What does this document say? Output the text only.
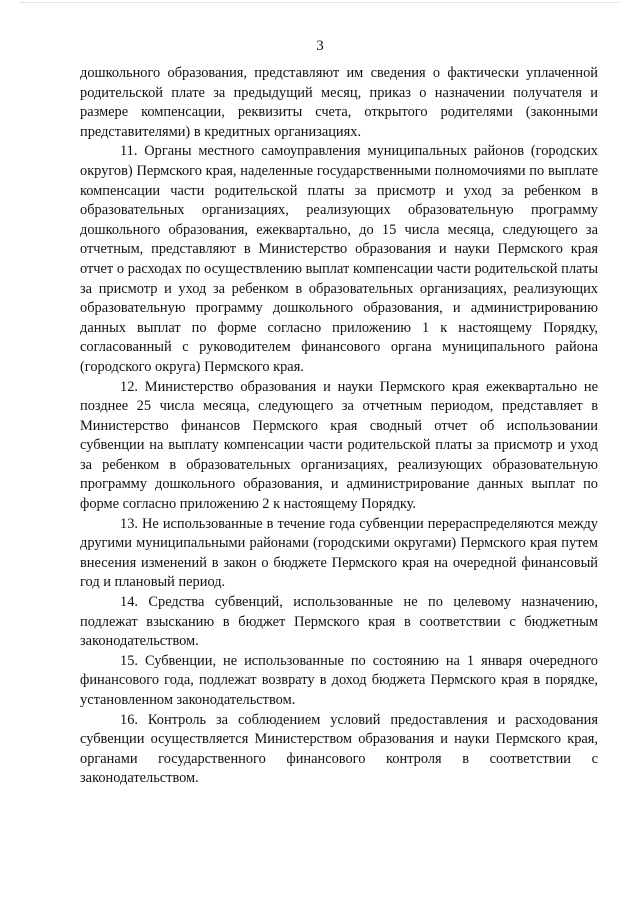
3

дошкольного образования, представляют им сведения о фактически уплаченной родительской плате за предыдущий месяц, приказ о назначении получателя и размере компенсации, реквизиты счета, открытого родителями (законными представителями) в кредитных организациях.

11. Органы местного самоуправления муниципальных районов (городских округов) Пермского края, наделенные государственными полномочиями по выплате компенсации части родительской платы за присмотр и уход за ребенком в образовательных организациях, реализующих образовательную программу дошкольного образования, ежеквартально, до 15 числа месяца, следующего за отчетным, представляют в Министерство образования и науки Пермского края отчет о расходах по осуществлению выплат компенсации части родительской платы за присмотр и уход за ребенком в образовательных организациях, реализующих образовательную программу дошкольного образования, и администрированию данных выплат по форме согласно приложению 1 к настоящему Порядку, согласованный с руководителем финансового органа муниципального района (городского округа) Пермского края.

12. Министерство образования и науки Пермского края ежеквартально не позднее 25 числа месяца, следующего за отчетным периодом, представляет в Министерство финансов Пермского края сводный отчет об использовании субвенции на выплату компенсации части родительской платы за присмотр и уход за ребенком в образовательных организациях, реализующих образовательную программу дошкольного образования, и администрирование данных выплат по форме согласно приложению 2 к настоящему Порядку.

13. Не использованные в течение года субвенции перераспределяются между другими муниципальными районами (городскими округами) Пермского края путем внесения изменений в закон о бюджете Пермского края на очередной финансовый год и плановый период.

14. Средства субвенций, использованные не по целевому назначению, подлежат взысканию в бюджет Пермского края в соответствии с бюджетным законодательством.

15. Субвенции, не использованные по состоянию на 1 января очередного финансового года, подлежат возврату в доход бюджета Пермского края в порядке, установленном законодательством.

16. Контроль за соблюдением условий предоставления и расходования субвенции осуществляется Министерством образования и науки Пермского края, органами государственного финансового контроля в соответствии с законодательством.
